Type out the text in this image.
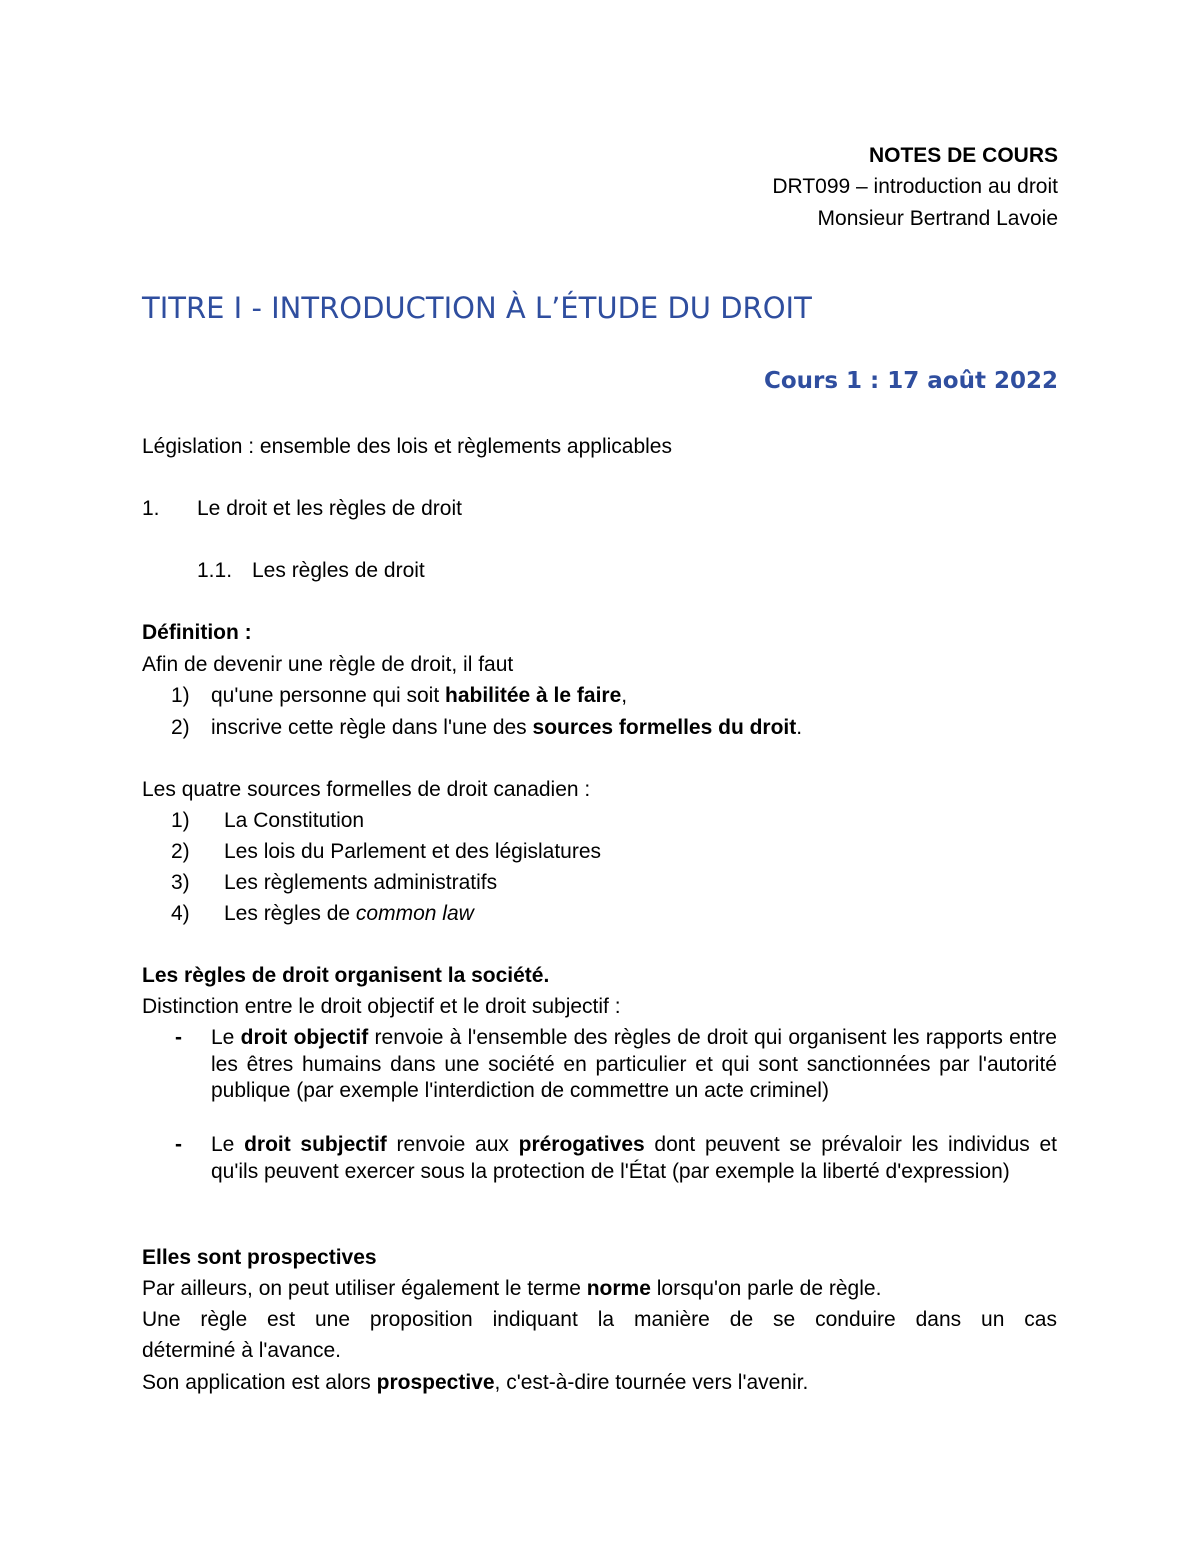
NOTES DE COURS
DRT099 – introduction au droit
Monsieur Bertrand Lavoie
TITRE I - INTRODUCTION À L’ÉTUDE DU DROIT
Cours 1 : 17 août 2022
Législation : ensemble des lois et règlements applicables
1. Le droit et les règles de droit
1.1. Les règles de droit
Définition :
Afin de devenir une règle de droit, il faut
1) qu'une personne qui soit habilitée à le faire,
2) inscrive cette règle dans l'une des sources formelles du droit.
Les quatre sources formelles de droit canadien :
1) La Constitution
2) Les lois du Parlement et des législatures
3) Les règlements administratifs
4) Les règles de common law
Les règles de droit organisent la société.
Distinction entre le droit objectif et le droit subjectif :
- Le droit objectif renvoie à l'ensemble des règles de droit qui organisent les rapports entre les êtres humains dans une société en particulier et qui sont sanctionnées par l'autorité publique (par exemple l'interdiction de commettre un acte criminel)
- Le droit subjectif renvoie aux prérogatives dont peuvent se prévaloir les individus et qu'ils peuvent exercer sous la protection de l'État (par exemple la liberté d'expression)
Elles sont prospectives
Par ailleurs, on peut utiliser également le terme norme lorsqu'on parle de règle.
Une règle est une proposition indiquant la manière de se conduire dans un cas
déterminé à l'avance.
Son application est alors prospective, c'est-à-dire tournée vers l'avenir.
